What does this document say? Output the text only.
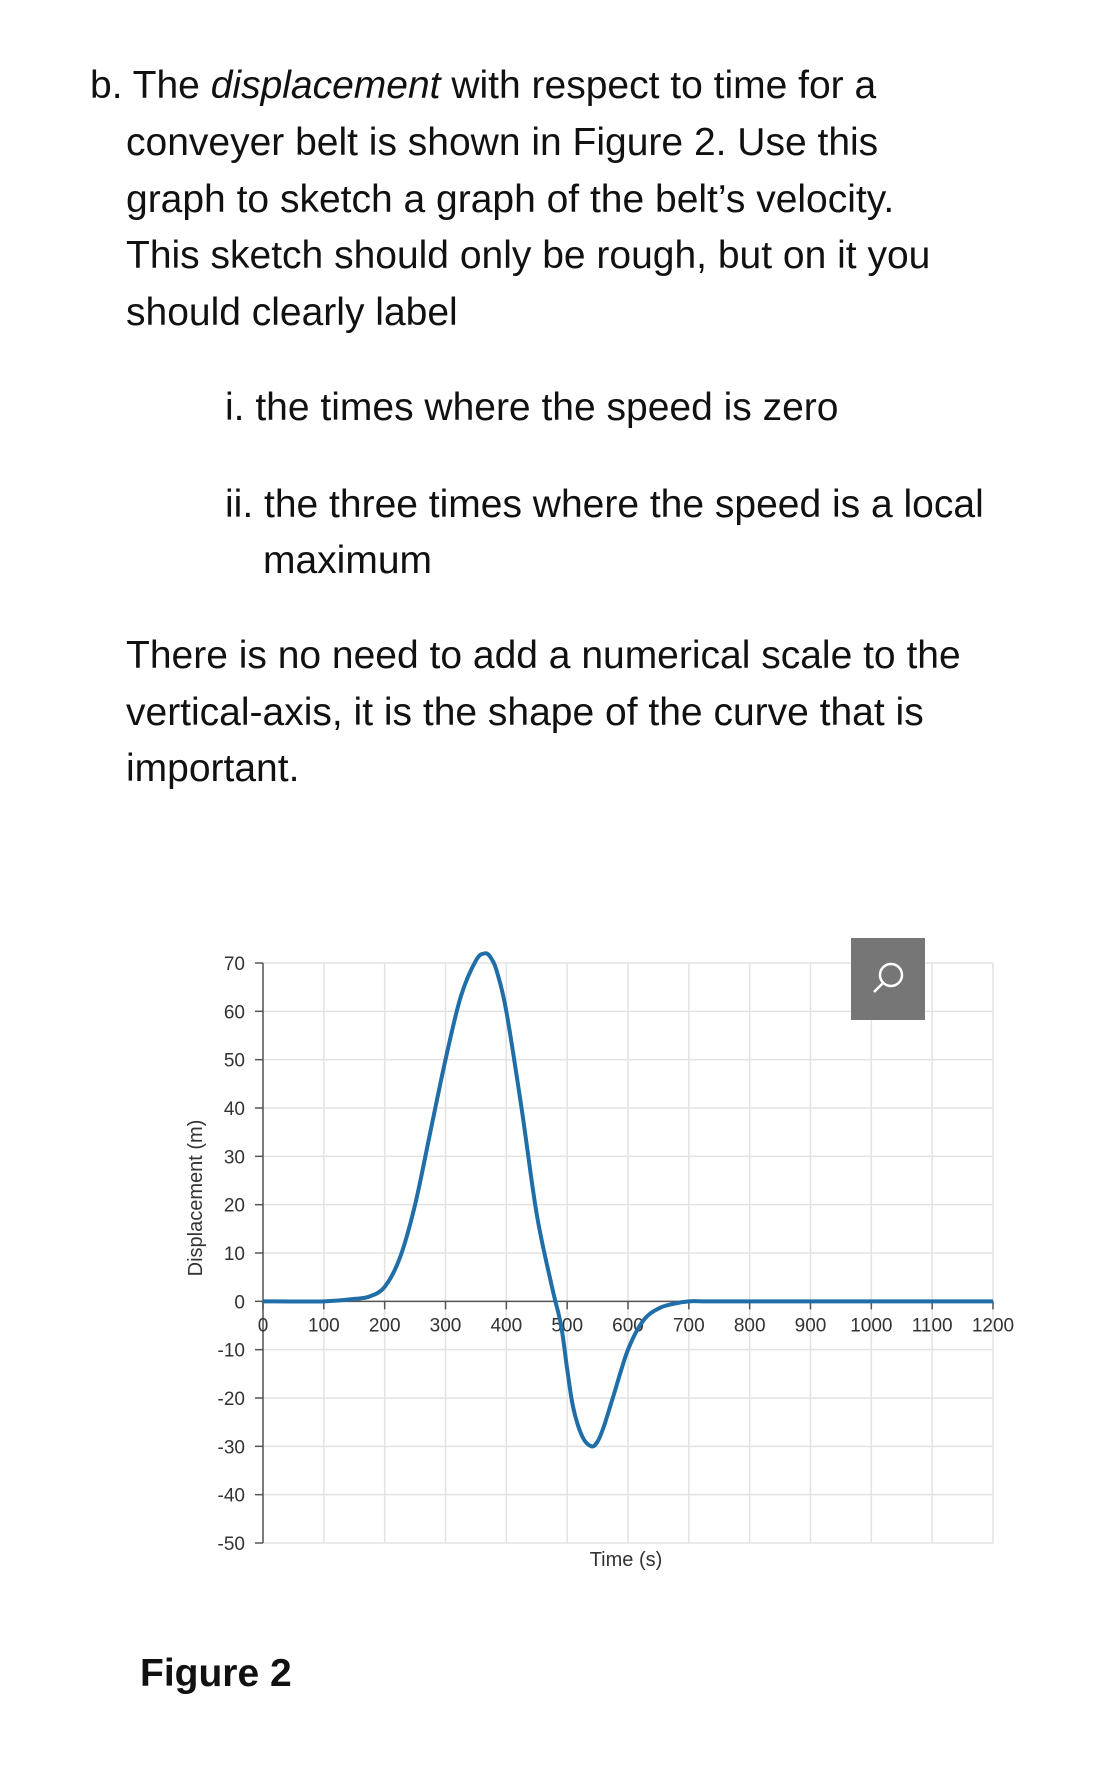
b. The displacement with respect to time for a
conveyer belt is shown in Figure 2. Use this
graph to sketch a graph of the belt’s velocity.
This sketch should only be rough, but on it you
should clearly label
i. the times where the speed is zero
ii. the three times where the speed is a local
maximum
There is no need to add a numerical scale to the
vertical-axis, it is the shape of the curve that is
important.
70
60
50
40
30
20
10
0
-10
-20
-30
-40
-50
0 100 200 300 400 500 600 700 800 900 1000 1100 1200
Time (s)
Displacement (m)
Figure 2
